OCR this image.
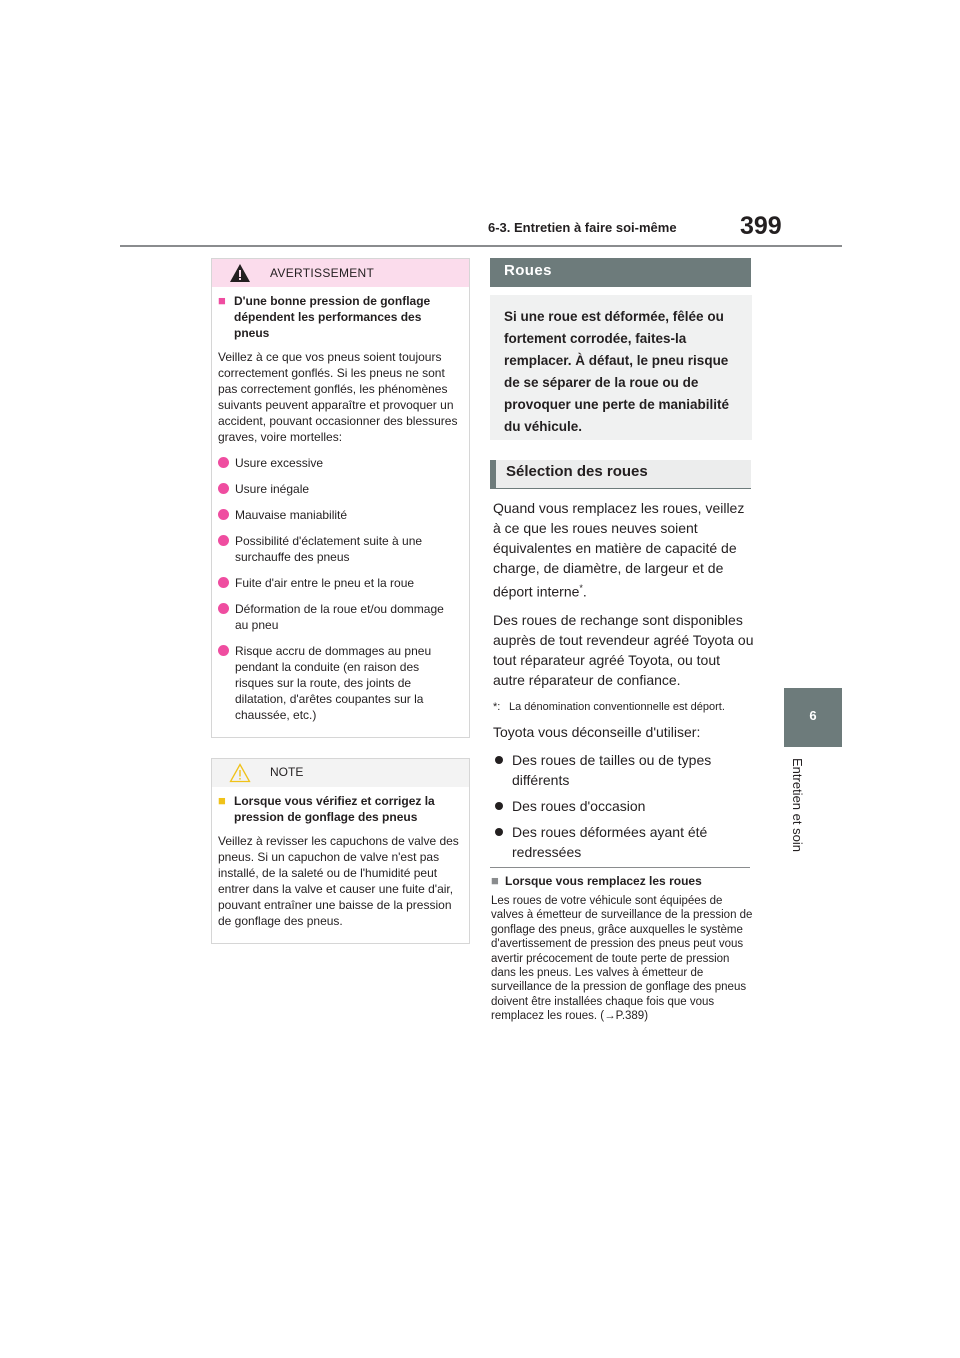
6-3. Entretien à faire soi-même	399
6
Entretien et soin
AVERTISSEMENT
■ D'une bonne pression de gonflage dépendent les performances des pneus
Veillez à ce que vos pneus soient toujours correctement gonflés. Si les pneus ne sont pas correctement gonflés, les phénomènes suivants peuvent apparaître et provoquer un accident, pouvant occasionner des blessures graves, voire mortelles:
Usure excessive
Usure inégale
Mauvaise maniabilité
Possibilité d'éclatement suite à une surchauffe des pneus
Fuite d'air entre le pneu et la roue
Déformation de la roue et/ou dommage au pneu
Risque accru de dommages au pneu pendant la conduite (en raison des risques sur la route, des joints de dilatation, d'arêtes coupantes sur la chaussée, etc.)
NOTE
■ Lorsque vous vérifiez et corrigez la pression de gonflage des pneus
Veillez à revisser les capuchons de valve des pneus. Si un capuchon de valve n'est pas installé, de la saleté ou de l'humidité peut entrer dans la valve et causer une fuite d'air, pouvant entraîner une baisse de la pression de gonflage des pneus.
Roues
Si une roue est déformée, fêlée ou fortement corrodée, faites-la remplacer. À défaut, le pneu risque de se séparer de la roue ou de provoquer une perte de maniabilité du véhicule.
Sélection des roues

Quand vous remplacez les roues, veillez à ce que les roues neuves soient équivalentes en matière de capacité de charge, de diamètre, de largeur et de déport interne*.

Des roues de rechange sont disponibles auprès de tout revendeur agréé Toyota ou tout réparateur agréé Toyota, ou tout autre réparateur de confiance.

*: La dénomination conventionnelle est déport.

Toyota vous déconseille d'utiliser:

Des roues de tailles ou de types différents
Des roues d'occasion
Des roues déformées ayant été redressées
■ Lorsque vous remplacez les roues
Les roues de votre véhicule sont équipées de valves à émetteur de surveillance de la pression de gonflage des pneus, grâce auxquelles le système d'avertissement de pression des pneus peut vous avertir précocement de toute perte de pression dans les pneus. Les valves à émetteur de surveillance de la pression de gonflage des pneus doivent être installées chaque fois que vous remplacez les roues. (→P.389)
